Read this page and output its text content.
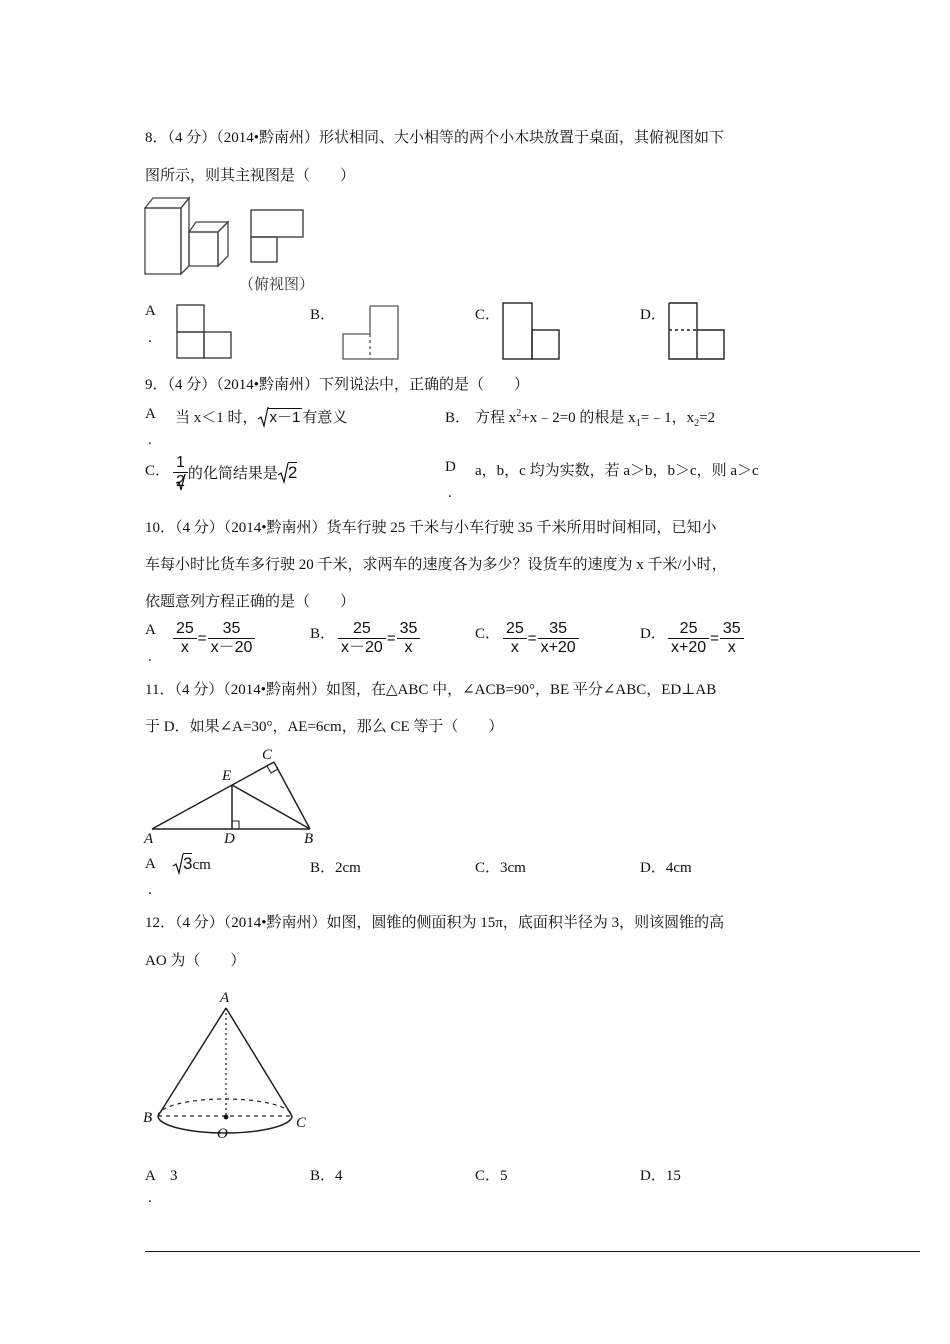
8．（4 分）（2014•黔南州）形状相同、大小相等的两个小木块放置于桌面，其俯视图如下
图所示，则其主视图是（　　）
（俯视图）
A
.
B．	C．	D．
9．（4 分）（2014•黔南州）下列说法中，正确的是（　　）
A
.
当 x＜1 时， x－1 有意义	B． 方程 $x^2+x﹣2=0$ 的根是 $x_1=﹣1$，$x_2=2$
C． $\frac{1}{2}$ 的化简结果是 2	D
.
a，b，c 均为实数，若 a＞b，b＞c，则 a＞c
10．（4 分）（2014•黔南州）货车行驶 25 千米与小车行驶 35 千米所用时间相同，已知小
车每小时比货车多行驶 20 千米，求两车的速度各为多少？设货车的速度为 x 千米/小时，
依题意列方程正确的是（　　）
A
. $\frac{25}{x} = \frac{35}{x-20}$	B． $\frac{25}{x-20} = \frac{35}{x}$	C． $\frac{25}{x} = \frac{35}{x+20}$	D． $\frac{25}{x+20} = \frac{35}{x}$
11．（4 分）（2014•黔南州）如图，在△ABC 中，∠ACB=90°，BE 平分∠ABC，ED⊥AB
于 D．如果∠A=30°，AE=6cm，那么 CE 等于（　　）
A	B
C
D
E
A
.
3cm	B．2cm	C．3cm	D．4cm
12．（4 分）（2014•黔南州）如图，圆锥的侧面积为 15π，底面积半径为 3，则该圆锥的高
AO 为（　　）
A
B	C
O
A　3
.
B．4	C．5	D．15
